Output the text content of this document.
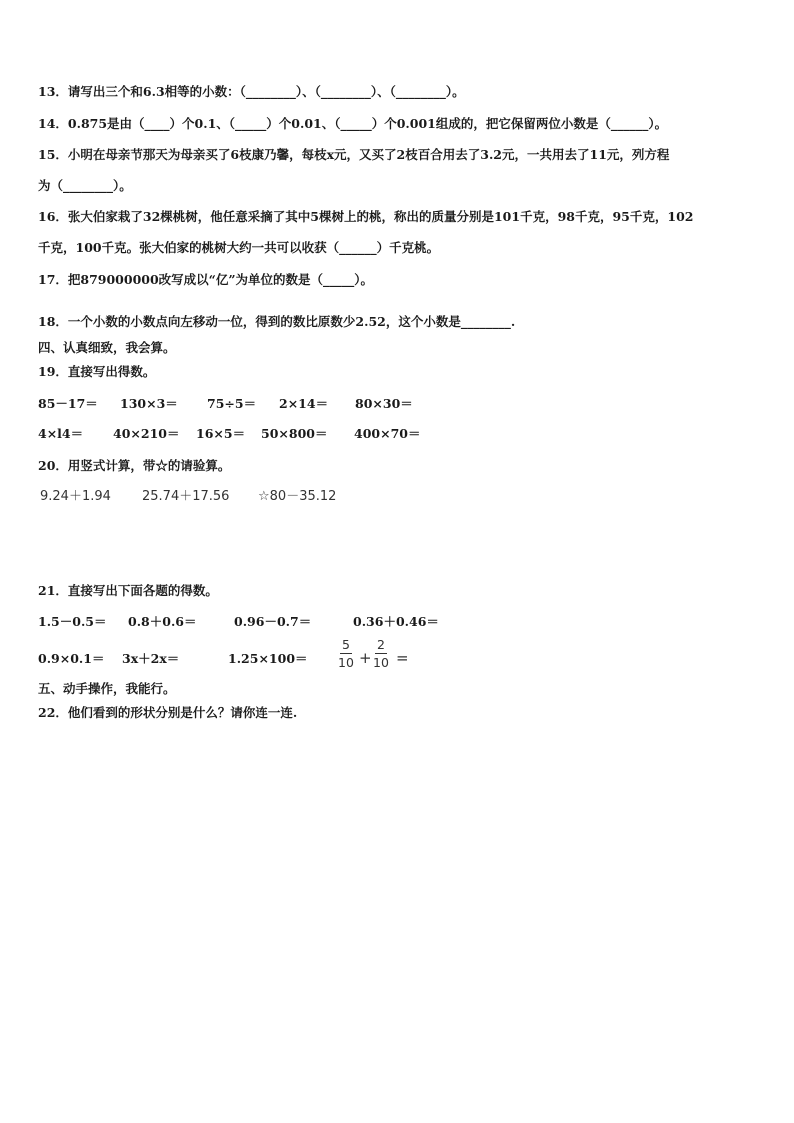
13．请写出三个和6.3相等的小数：（________）、（________）、（________）。
14．0.875是由（____）个0.1、（_____）个0.01、（_____）个0.001组成的，把它保留两位小数是（______）。
15．小明在母亲节那天为母亲买了6枝康乃馨，每枝x元，又买了2枝百合用去了3.2元，一共用去了11元，列方程
为（________）。
16．张大伯家栽了32棵桃树，他任意采摘了其中5棵树上的桃，称出的质量分别是101千克，98千克，95千克，102
千克，100千克。张大伯家的桃树大约一共可以收获（______）千克桃。
17．把879000000改写成以“亿”为单位的数是（_____）。
18．一个小数的小数点向左移动一位，得到的数比原数少2.52，这个小数是________.
四、认真细致，我会算。
19．直接写出得数。
85－17＝ 130×3＝ 75÷5＝ 2×14＝ 80×30＝
4×l4＝ 40×210＝ 16×5＝ 50×800＝ 400×70＝
20．用竖式计算，带☆的请验算。
9.24＋1.94 25.74＋17.56 ☆80－35.12
21．直接写出下面各题的得数。
1.5－0.5＝ 0.8＋0.6＝	0.96－0.7＝	0.36＋0.46＝
0.9×0.1＝ 3x＋2x＝	$1.25\times 100= \frac{5}{10} + \frac{2}{10}$ =
五、动手操作，我能行。
22．他们看到的形状分别是什么？请你连一连.
